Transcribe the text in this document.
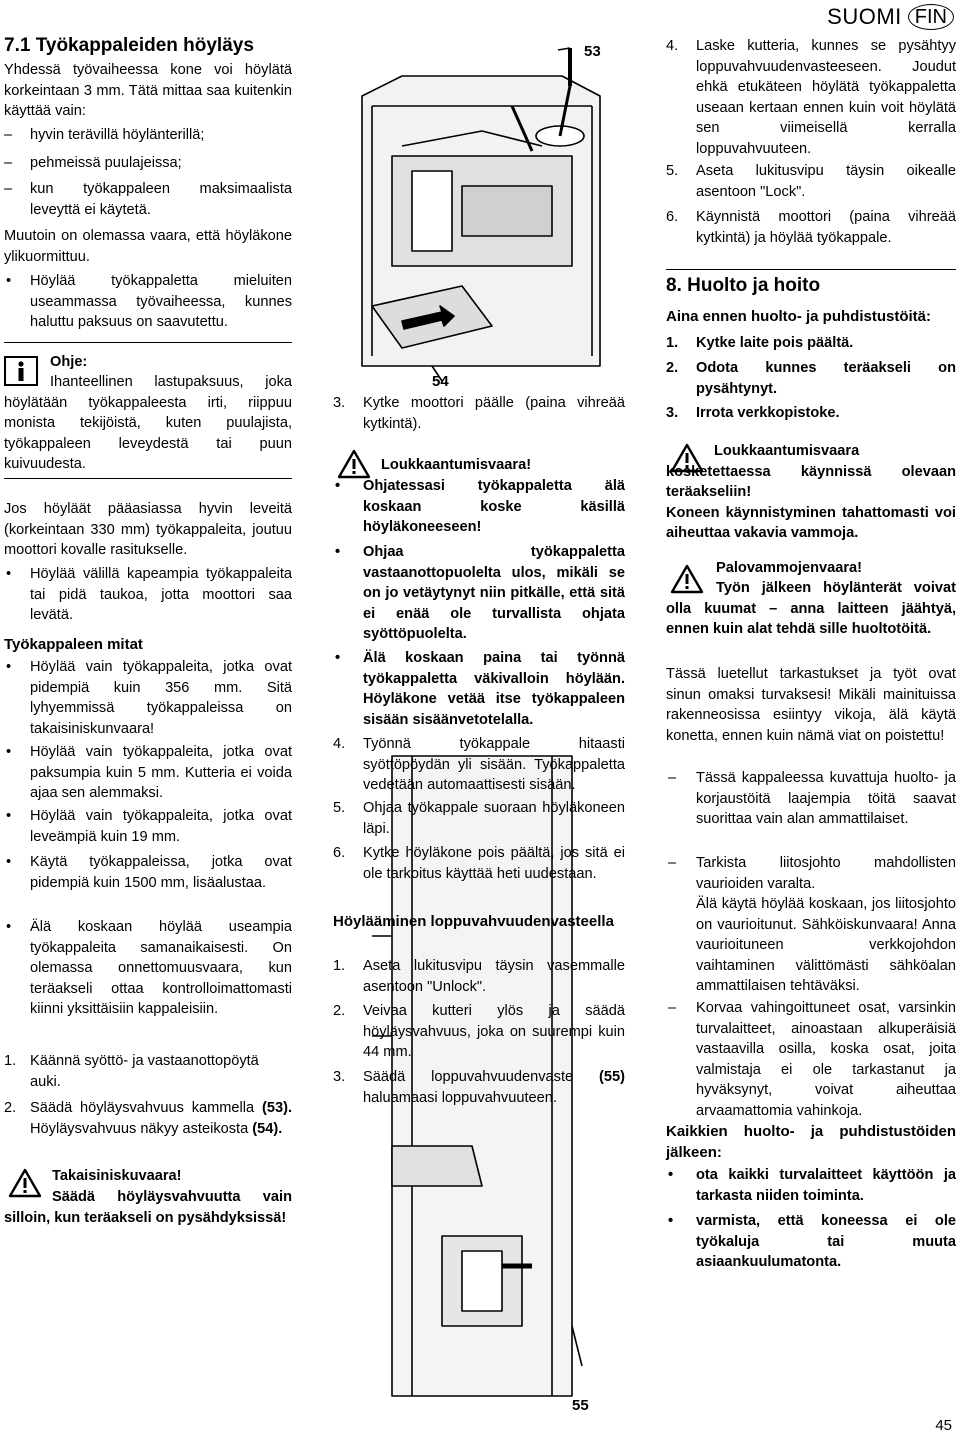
SUOMI FIN
7.1 Työkappaleiden höyläys

Yhdessä työvaiheessa kone voi höylätä korkeintaan 3 mm. Tätä mittaa saa kuitenkin käyttää vain:

– hyvin terävillä höylänterillä;
– pehmeissä puulajeissa;
– kun työkappaleen maksimaalista leveyttä ei käytetä.

Muutoin on olemassa vaara, että höyläkone ylikuormittuu.

• Höylää työkappaletta mieluiten useammassa työvaiheessa, kunnes haluttu paksuus on saavutettu.
Ohje:

Ihanteellinen lastupaksuus, joka höylätään työkappaleesta irti, riippuu monista tekijöistä, kuten puulajista, työkappaleen leveydestä tai puun kuivuudesta.

Jos höyläät pääasiassa hyvin leveitä (korkeintaan 330 mm) työkappaleita, joutuu moottori kovalle rasitukselle.

• Höylää välillä kapeampia työkappaleita tai pidä taukoa, jotta moottori saa levätä.
Työkappaleen mitat
• Höylää vain työkappaleita, jotka ovat pidempiä kuin 356 mm. Sitä lyhyemmissä työkappaleissa on takaisiniskunvaara!
• Höylää vain työkappaleita, jotka ovat paksumpia kuin 5 mm. Kutteria ei voida ajaa sen alemmaksi.
• Höylää vain työkappaleita, jotka ovat leveämpiä kuin 19 mm.
• Käytä työkappaleissa, jotka ovat pidempiä kuin 1500 mm, lisäalustaa.
• Älä koskaan höylää useampia työkappaleita samanaikaisesti. On olemassa onnettomuusvaara, kun teräakseli ottaa kontrolloimattomasti kiinni yksittäisiin kappaleisiin.
1. Käännä syöttö- ja vastaanottopöytä auki.
2. Säädä höyläysvahvuus kammella (53). Höyläysvahvuus näkyy asteikosta (54).
Takaisiniskuvaara!

Säädä höyläysvahvuutta vain silloin, kun teräakseli on pysähdyksissä!

53
54
3. Kytke moottori päälle (paina vihreää kytkintä).
Loukkaantumisvaara!
• Ohjatessasi työkappaletta älä koskaan koske käsillä höyläkoneeseen!
• Ohjaa työkappaletta vastaanottopuolelta ulos, mikäli se on jo vetäytynyt niin pitkälle, että sitä ei enää ole turvallista ohjata syöttöpuolelta.
• Älä koskaan paina tai työnnä työkappaletta väkivalloin höylään. Höyläkone vetää itse työkappaleen sisään sisäänvetotelalla.
4. Työnnä työkappale hitaasti syöttöpöydän yli sisään. Työkappaletta vedetään automaattisesti sisään.
5. Ohjaa työkappale suoraan höyläkoneen läpi.
6. Kytke höyläkone pois päältä, jos sitä ei ole tarkoitus käyttää heti uudestaan.
Höylääminen loppuvahvuudenvasteella
1. Aseta lukitusvipu täysin vasemmalle asentoon "Unlock".
2. Veivaa kutteri ylös ja säädä höyläysvahvuus, joka on suurempi kuin 44 mm.
3. Säädä loppuvahvuudenvaste (55) haluamaasi loppuvahvuuteen.
55
4. Laske kutteria, kunnes se pysähtyy loppuvahvuudenvasteeseen. Joudut ehkä etukäteen höylätä työkappaletta useaan kertaan ennen kuin voit höylätä sen viimeisellä kerralla loppuvahvuuteen.
5. Aseta lukitusvipu täysin oikealle asentoon "Lock".
6. Käynnistä moottori (paina vihreää kytkintä) ja höylää työkappale.
8. Huolto ja hoito
Aina ennen huolto- ja puhdistustöitä:
1. Kytke laite pois päältä.
2. Odota kunnes teräakseli on pysähtynyt.
3. Irrota verkkopistoke.

Loukkaantumisvaara kosketettaessa käynnissä olevaan teräakseliin!

Koneen käynnistyminen tahattomasti voi aiheuttaa vakavia vammoja.

Palovammojenvaara!

Työn jälkeen höylänterät voivat olla kuumat – anna laitteen jäähtyä, ennen kuin alat tehdä sille huoltotöitä.

Tässä luetellut tarkastukset ja työt ovat sinun omaksi turvaksesi! Mikäli mainituissa rakenneosissa esiintyy vikoja, älä käytä konetta, ennen kuin nämä viat on poistettu!

– Tässä kappaleessa kuvattuja huolto- ja korjaustöitä laajempia töitä saavat suorittaa vain alan ammattilaiset.
– Tarkista liitosjohto mahdollisten vaurioiden varalta.
Älä käytä höylää koskaan, jos liitosjohto on vaurioitunut. Sähköiskunvaara! Anna vaurioituneen verkkojohdon vaihtaminen välittömästi sähköalan ammattilaisen tehtäväksi.
– Korvaa vahingoittuneet osat, varsinkin turvalaitteet, ainoastaan alkuperäisiä vastaavilla osilla, koska osat, joita valmistaja ei ole tarkastanut ja hyväksynyt, voivat aiheuttaa arvaamattomia vahinkoja.
Kaikkien huolto- ja puhdistustöiden jälkeen:
• ota kaikki turvalaitteet käyttöön ja tarkasta niiden toiminta.
• varmista, että koneessa ei ole työkaluja tai muuta asiaankuulumatonta.
45
